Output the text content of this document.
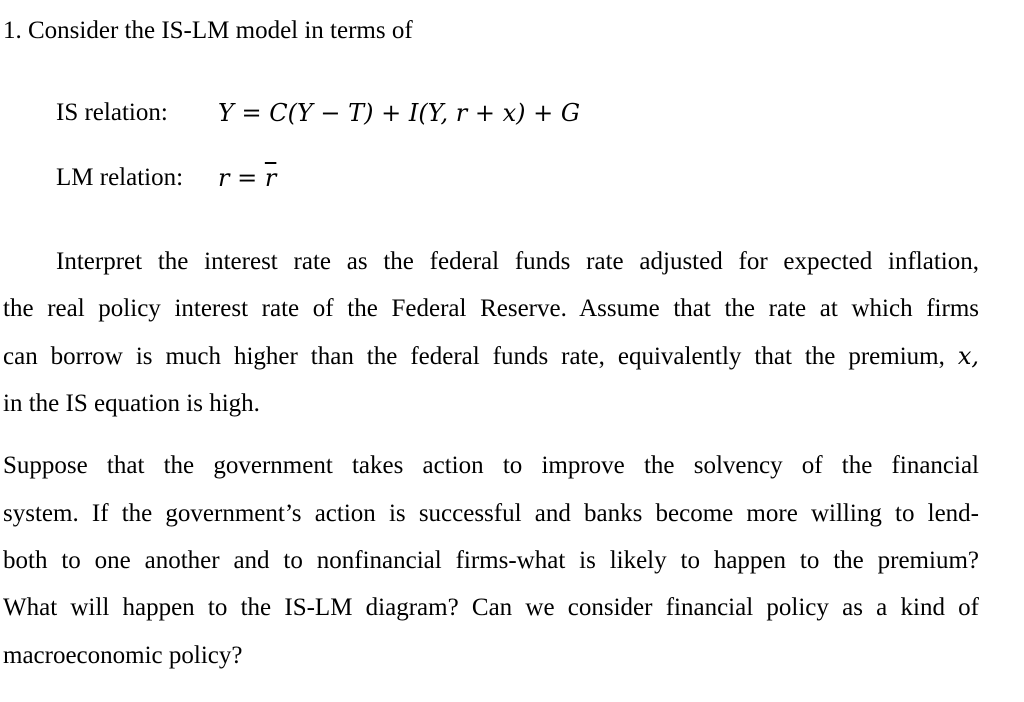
1. Consider the IS-LM model in terms of
IS relation: Y = C(Y − T) + I(Y, r + x) + G
LM relation: $r = \overline{r}$
Interpret the interest rate as the federal funds rate adjusted for expected inflation,
the real policy interest rate of the Federal Reserve. Assume that the rate at which firms
can borrow is much higher than the federal funds rate, equivalently that the premium, x,
in the IS equation is high.
Suppose that the government takes action to improve the solvency of the financial
system. If the government’s action is successful and banks become more willing to lend-
both to one another and to nonfinancial firms-what is likely to happen to the premium?
What will happen to the IS-LM diagram? Can we consider financial policy as a kind of
macroeconomic policy?
